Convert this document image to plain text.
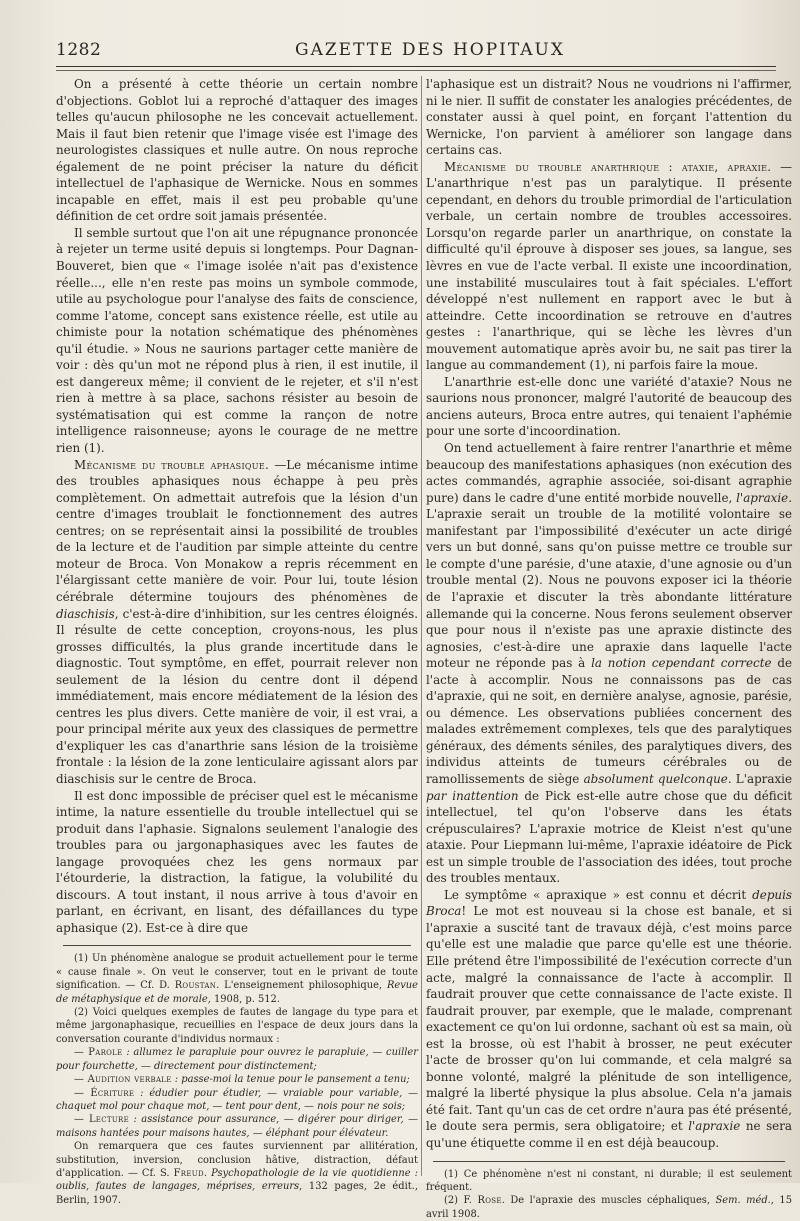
1282	GAZETTE DES HOPITAUX

On a présenté à cette théorie un certain nombre d'objections. Goblot lui a reproché d'attaquer des images telles qu'aucun philosophe ne les concevait actuellement. Mais il faut bien retenir que l'image visée est l'image des neurologistes classiques et nulle autre. On nous reproche également de ne point préciser la nature du déficit intellectuel de l'aphasique de Wernicke. Nous en sommes incapable en effet, mais il est peu probable qu'une définition de cet ordre soit jamais présentée.

Il semble surtout que l'on ait une répugnance prononcée à rejeter un terme usité depuis si longtemps. Pour Dagnan-Bouveret, bien que « l'image isolée n'ait pas d'existence réelle..., elle n'en reste pas moins un symbole commode, utile au psychologue pour l'analyse des faits de conscience, comme l'atome, concept sans existence réelle, est utile au chimiste pour la notation schématique des phénomènes qu'il étudie. » Nous ne saurions partager cette manière de voir : dès qu'un mot ne répond plus à rien, il est inutile, il est dangereux même; il convient de le rejeter, et s'il n'est rien à mettre à sa place, sachons résister au besoin de systématisation qui est comme la rançon de notre intelligence raisonneuse; ayons le courage de ne mettre rien (1).

Mécanisme du trouble aphasique. —Le mécanisme intime des troubles aphasiques nous échappe à peu près complètement. On admettait autrefois que la lésion d'un centre d'images troublait le fonctionnement des autres centres; on se représentait ainsi la possibilité de troubles de la lecture et de l'audition par simple atteinte du centre moteur de Broca. Von Monakow a repris récemment en l'élargissant cette manière de voir. Pour lui, toute lésion cérébrale détermine toujours des phénomènes de diaschisis, c'est-à-dire d'inhibition, sur les centres éloignés. Il résulte de cette conception, croyons-nous, les plus grosses difficultés, la plus grande incertitude dans le diagnostic. Tout symptôme, en effet, pourrait relever non seulement de la lésion du centre dont il dépend immédiatement, mais encore médiatement de la lésion des centres les plus divers. Cette manière de voir, il est vrai, a pour principal mérite aux yeux des classiques de permettre d'expliquer les cas d'anarthrie sans lésion de la troisième frontale : la lésion de la zone lenticulaire agissant alors par diaschisis sur le centre de Broca.

Il est donc impossible de préciser quel est le mécanisme intime, la nature essentielle du trouble intellectuel qui se produit dans l'aphasie. Signalons seulement l'analogie des troubles para ou jargonaphasiques avec les fautes de langage provoquées chez les gens normaux par l'étourderie, la distraction, la fatigue, la volubilité du discours. A tout instant, il nous arrive à tous d'avoir en parlant, en écrivant, en lisant, des défaillances du type aphasique (2). Est-ce à dire que

(1) Un phénomène analogue se produit actuellement pour le terme « cause finale ». On veut le conserver, tout en le privant de toute signification. — Cf. D. Roustan. L'enseignement philosophique, Revue de métaphysique et de morale, 1908, p. 512.

(2) Voici quelques exemples de fautes de langage du type para et même jargonaphasique, recueillies en l'espace de deux jours dans la conversation courante d'individus normaux :

— Parole : allumez le parapluie pour ouvrez le parapluie, — cuiller pour fourchette, — directement pour distinctement;

— Audition verbale : passe-moi la tenue pour le pansement a tenu;

— Écriture : édudier pour étudier, — vraiable pour variable, — chaquet mol pour chaque mot, — tent pour dent, — nois pour ne sois;

— Lecture : assistance pour assurance, — digérer pour diriger, — maisons hantées pour maisons hautes, — éléphant pour élévateur.

On remarquera que ces fautes surviennent par allitération, substitution, inversion, conclusion hâtive, distraction, défaut d'application. — Cf. S. Freud. Psychopathologie de la vie quotidienne : oublis, fautes de langages, méprises, erreurs, 132 pages, 2e édit., Berlin, 1907.

l'aphasique est un distrait? Nous ne voudrions ni l'affirmer, ni le nier. Il suffit de constater les analogies précédentes, de constater aussi à quel point, en forçant l'attention du Wernicke, l'on parvient à améliorer son langage dans certains cas.

Mécanisme du trouble anarthrique : ataxie, apraxie. — L'anarthrique n'est pas un paralytique. Il présente cependant, en dehors du trouble primordial de l'articulation verbale, un certain nombre de troubles accessoires. Lorsqu'on regarde parler un anarthrique, on constate la difficulté qu'il éprouve à disposer ses joues, sa langue, ses lèvres en vue de l'acte verbal. Il existe une incoordination, une instabilité musculaires tout à fait spéciales. L'effort développé n'est nullement en rapport avec le but à atteindre. Cette incoordination se retrouve en d'autres gestes : l'anarthrique, qui se lèche les lèvres d'un mouvement automatique après avoir bu, ne sait pas tirer la langue au commandement (1), ni parfois faire la moue.

L'anarthrie est-elle donc une variété d'ataxie? Nous ne saurions nous prononcer, malgré l'autorité de beaucoup des anciens auteurs, Broca entre autres, qui tenaient l'aphémie pour une sorte d'incoordination.

On tend actuellement à faire rentrer l'anarthrie et même beaucoup des manifestations aphasiques (non exécution des actes commandés, agraphie associée, soi-disant agraphie pure) dans le cadre d'une entité morbide nouvelle, l'apraxie. L'apraxie serait un trouble de la motilité volontaire se manifestant par l'impossibilité d'exécuter un acte dirigé vers un but donné, sans qu'on puisse mettre ce trouble sur le compte d'une parésie, d'une ataxie, d'une agnosie ou d'un trouble mental (2). Nous ne pouvons exposer ici la théorie de l'apraxie et discuter la très abondante littérature allemande qui la concerne. Nous ferons seulement observer que pour nous il n'existe pas une apraxie distincte des agnosies, c'est-à-dire une apraxie dans laquelle l'acte moteur ne réponde pas à la notion cependant correcte de l'acte à accomplir. Nous ne connaissons pas de cas d'apraxie, qui ne soit, en dernière analyse, agnosie, parésie, ou démence. Les observations publiées concernent des malades extrêmement complexes, tels que des paralytiques généraux, des déments séniles, des paralytiques divers, des individus atteints de tumeurs cérébrales ou de ramollissements de siège absolument quelconque. L'apraxie par inattention de Pick est-elle autre chose que du déficit intellectuel, tel qu'on l'observe dans les états crépusculaires? L'apraxie motrice de Kleist n'est qu'une ataxie. Pour Liepmann lui-même, l'apraxie idéatoire de Pick est un simple trouble de l'association des idées, tout proche des troubles mentaux.

Le symptôme « apraxique » est connu et décrit depuis Broca! Le mot est nouveau si la chose est banale, et si l'apraxie a suscité tant de travaux déjà, c'est moins parce qu'elle est une maladie que parce qu'elle est une théorie. Elle prétend être l'impossibilité de l'exécution correcte d'un acte, malgré la connaissance de l'acte à accomplir. Il faudrait prouver que cette connaissance de l'acte existe. Il faudrait prouver, par exemple, que le malade, comprenant exactement ce qu'on lui ordonne, sachant où est sa main, où est la brosse, où est l'habit à brosser, ne peut exécuter l'acte de brosser qu'on lui commande, et cela malgré sa bonne volonté, malgré la plénitude de son intelligence, malgré la liberté physique la plus absolue. Cela n'a jamais été fait. Tant qu'un cas de cet ordre n'aura pas été présenté, le doute sera permis, sera obligatoire; et l'apraxie ne sera qu'une étiquette comme il en est déjà beaucoup.

(1) Ce phénomène n'est ni constant, ni durable; il est seulement fréquent.

(2) F. Rose. De l'apraxie des muscles céphaliques, Sem. méd., 15 avril 1908.
